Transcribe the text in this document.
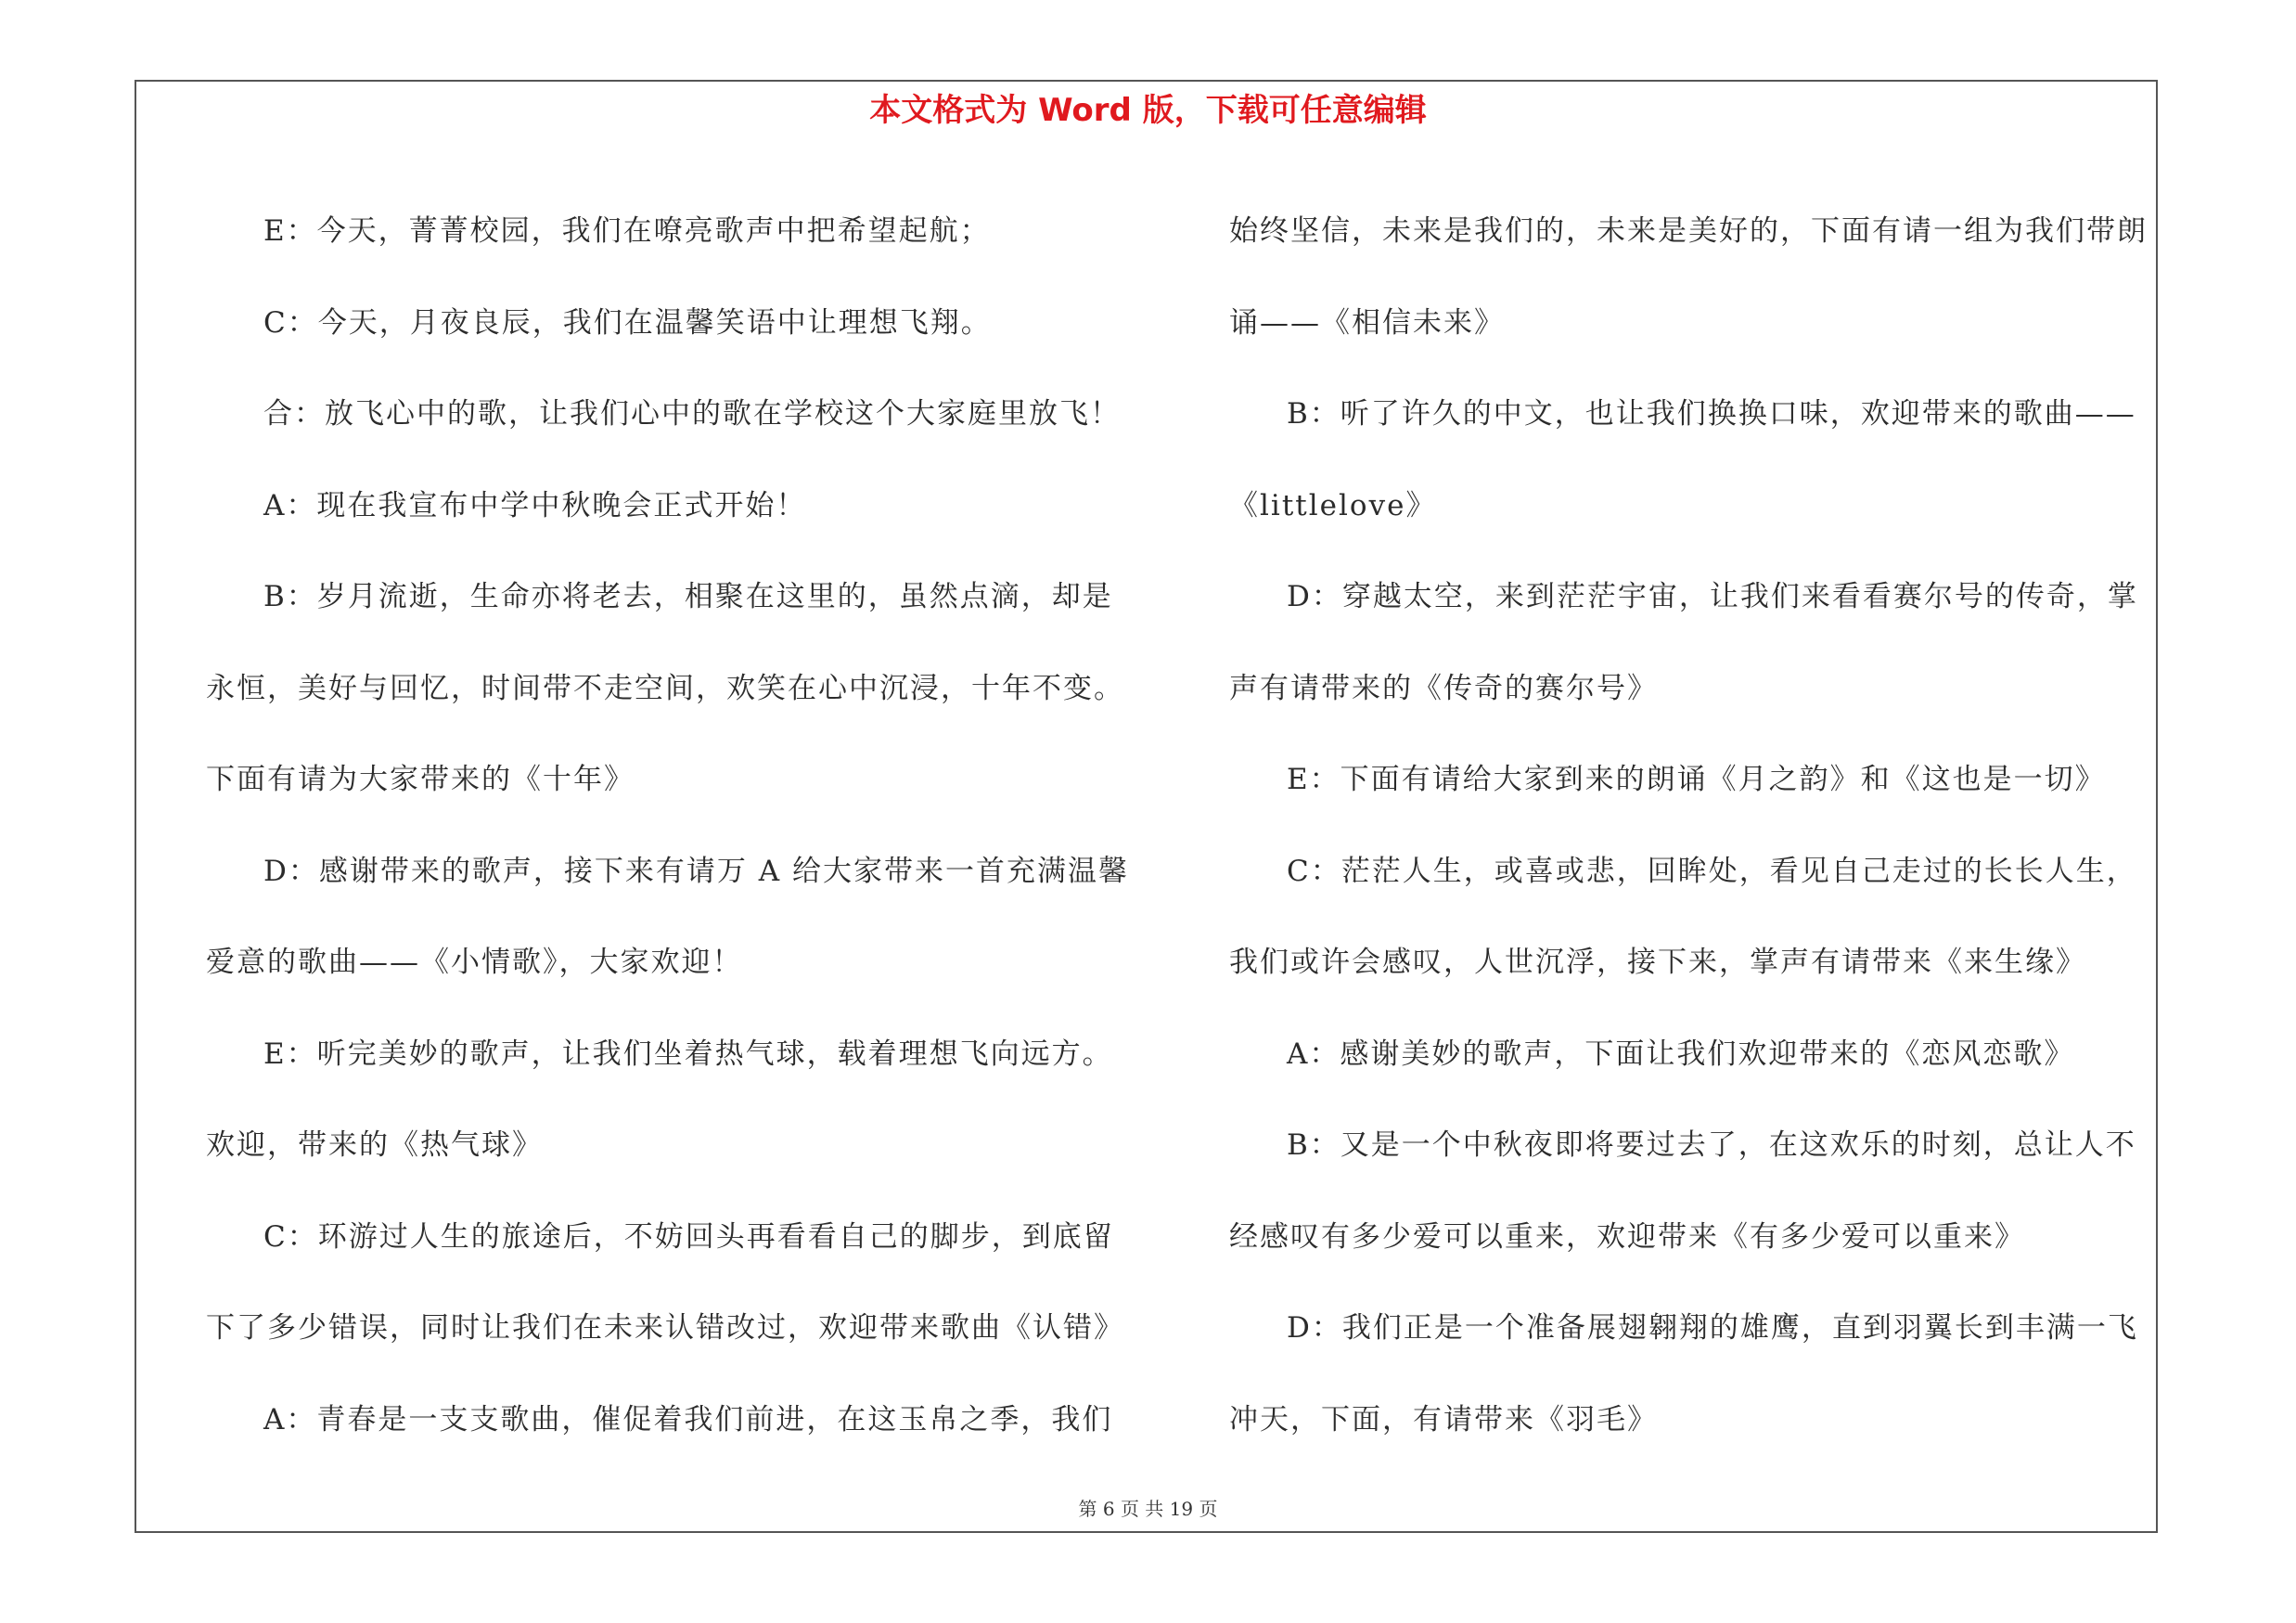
本文格式为 Word 版，下载可任意编辑
E：今天，菁菁校园，我们在嘹亮歌声中把希望起航；
C：今天，月夜良辰，我们在温馨笑语中让理想飞翔。
合：放飞心中的歌，让我们心中的歌在学校这个大家庭里放飞！
A：现在我宣布中学中秋晚会正式开始！
B：岁月流逝，生命亦将老去，相聚在这里的，虽然点滴，却是
永恒，美好与回忆，时间带不走空间，欢笑在心中沉浸，十年不变。
下面有请为大家带来的《十年》
D：感谢带来的歌声，接下来有请万 A 给大家带来一首充满温馨
爱意的歌曲——《小情歌》，大家欢迎！
E：听完美妙的歌声，让我们坐着热气球，载着理想飞向远方。
欢迎，带来的《热气球》
C：环游过人生的旅途后，不妨回头再看看自己的脚步，到底留
下了多少错误，同时让我们在未来认错改过，欢迎带来歌曲《认错》
A：青春是一支支歌曲，催促着我们前进，在这玉帛之季，我们
始终坚信，未来是我们的，未来是美好的，下面有请一组为我们带朗
诵——《相信未来》
B：听了许久的中文，也让我们换换口味，欢迎带来的歌曲——
《littlelove》
D：穿越太空，来到茫茫宇宙，让我们来看看赛尔号的传奇，掌
声有请带来的《传奇的赛尔号》
E：下面有请给大家到来的朗诵《月之韵》和《这也是一切》
C：茫茫人生，或喜或悲，回眸处，看见自己走过的长长人生，
我们或许会感叹，人世沉浮，接下来，掌声有请带来《来生缘》
A：感谢美妙的歌声，下面让我们欢迎带来的《恋风恋歌》
B：又是一个中秋夜即将要过去了，在这欢乐的时刻，总让人不
经感叹有多少爱可以重来，欢迎带来《有多少爱可以重来》
D：我们正是一个准备展翅翱翔的雄鹰，直到羽翼长到丰满一飞
冲天，下面，有请带来《羽毛》
第 6 页 共 19 页
